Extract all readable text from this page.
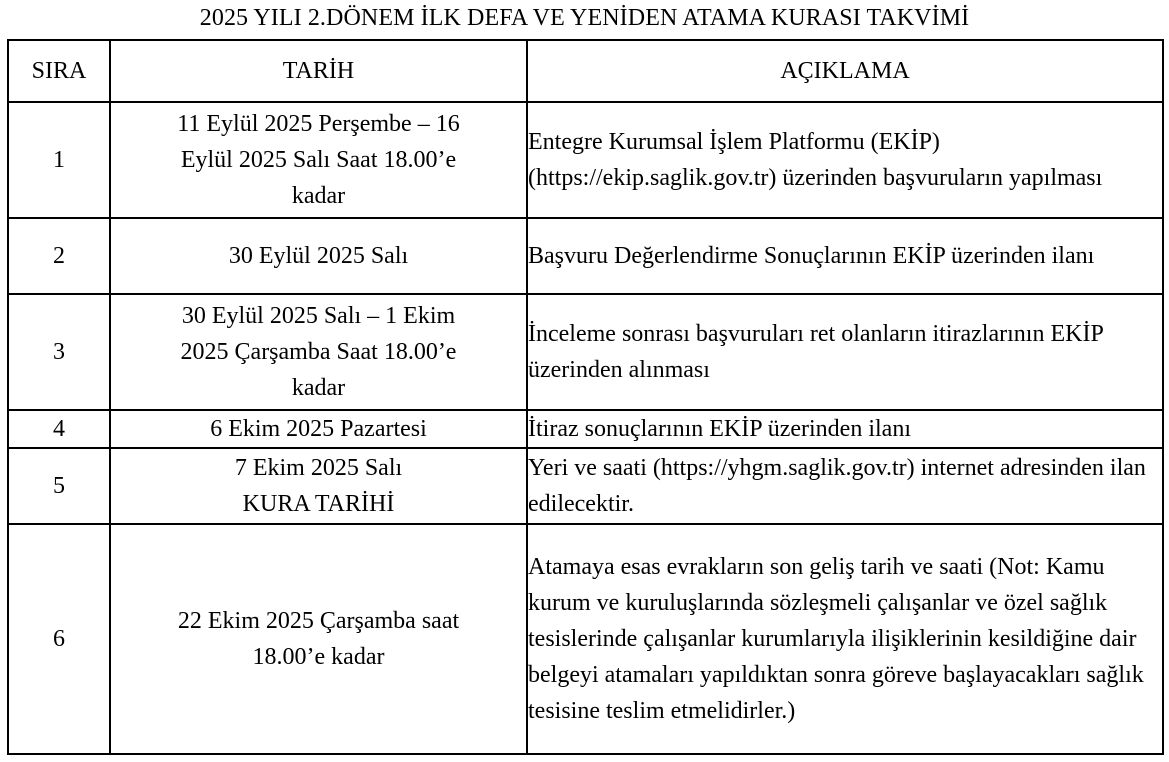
2025 YILI 2.DÖNEM İLK DEFA VE YENİDEN ATAMA KURASI TAKVİMİ
SIRA	TARİH	AÇIKLAMA
1	11 Eylül 2025 Perşembe – 16
Eylül 2025 Salı Saat 18.00’e
kadar	Entegre Kurumsal İşlem Platformu (EKİP) (https://ekip.saglik.gov.tr) üzerinden başvuruların yapılması
2	30 Eylül 2025 Salı	Başvuru Değerlendirme Sonuçlarının EKİP üzerinden ilanı
3	30 Eylül 2025 Salı – 1 Ekim
2025 Çarşamba Saat 18.00’e
kadar	İnceleme sonrası başvuruları ret olanların itirazlarının EKİP üzerinden alınması
4	6 Ekim 2025 Pazartesi	İtiraz sonuçlarının EKİP üzerinden ilanı
5	7 Ekim 2025 Salı
KURA TARİHİ	Yeri ve saati (https://yhgm.saglik.gov.tr) internet adresinden ilan edilecektir.
6	22 Ekim 2025 Çarşamba saat
18.00’e kadar	Atamaya esas evrakların son geliş tarih ve saati (Not: Kamu kurum ve kuruluşlarında sözleşmeli çalışanlar ve özel sağlık tesislerinde çalışanlar kurumlarıyla ilişiklerinin kesildiğine dair belgeyi atamaları yapıldıktan sonra göreve başlayacakları sağlık tesisine teslim etmelidirler.)
